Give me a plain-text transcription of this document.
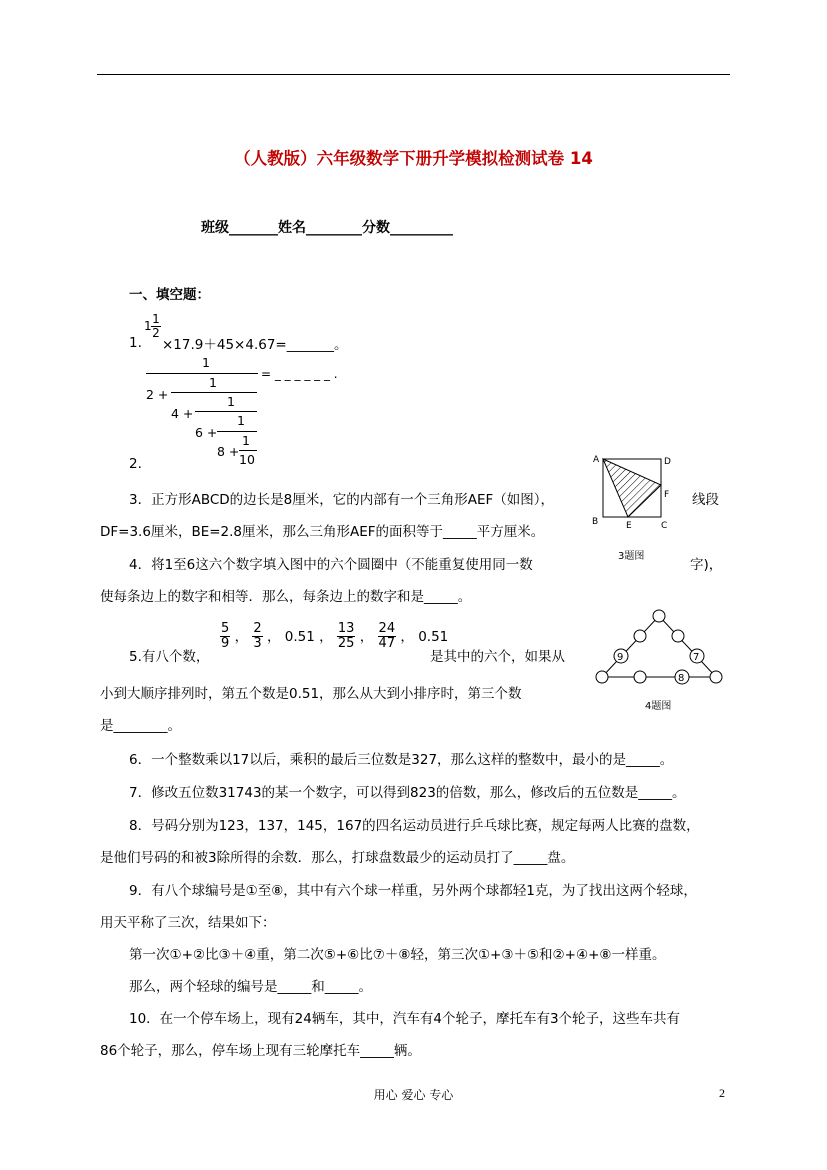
（人教版）六年级数学下册升学模拟检测试卷 14
班级_______姓名________分数_________
一、填空题：
1.
$1 \frac{1}{2}$
×17.9＋45×4.67=_______。
1
= _ _ _ _ _ _ .
2 +
1
4 +
1
6 +
1
8 +
1
10
2.	A	D
F
B	E	C
3题图
3．正方形ABCD的边长是8厘米，它的内部有一个三角形AEF（如图），	线段
DF=3.6厘米，BE=2.8厘米，那么三角形AEF的面积等于_____平方厘米。
4．将1至6这六个数字填入图中的六个圆圈中（不能重复使用同一数	字)，
使每条边上的数字和相等．那么，每条边上的数字和是_____。
9	7
8
4题图
5.有八个数，
$\frac{5}{9}$ ， $\frac{2}{3}$ ， 0.51 ， $\frac{13}{25}$ ， $\frac{24}{47}$ ， 0.51
是其中的六个，如果从
小到大顺序排列时，第五个数是0.51，那么从大到小排序时，第三个数
是________。
6．一个整数乘以17以后，乘积的最后三位数是327，那么这样的整数中，最小的是_____。
7．修改五位数31743的某一个数字，可以得到823的倍数，那么，修改后的五位数是_____。
8．号码分别为123，137，145，167的四名运动员进行乒乓球比赛，规定每两人比赛的盘数，
是他们号码的和被3除所得的余数．那么，打球盘数最少的运动员打了_____盘。
9．有八个球编号是①至⑧，其中有六个球一样重，另外两个球都轻1克，为了找出这两个轻球，
用天平称了三次，结果如下：
第一次①+②比③＋④重，第二次⑤+⑥比⑦＋⑧轻，第三次①+③＋⑤和②+④+⑧一样重。
那么，两个轻球的编号是_____和_____。
10．在一个停车场上，现有24辆车，其中，汽车有4个轮子，摩托车有3个轮子，这些车共有
86个轮子，那么，停车场上现有三轮摩托车_____辆。
用心 爱心 专心	2
